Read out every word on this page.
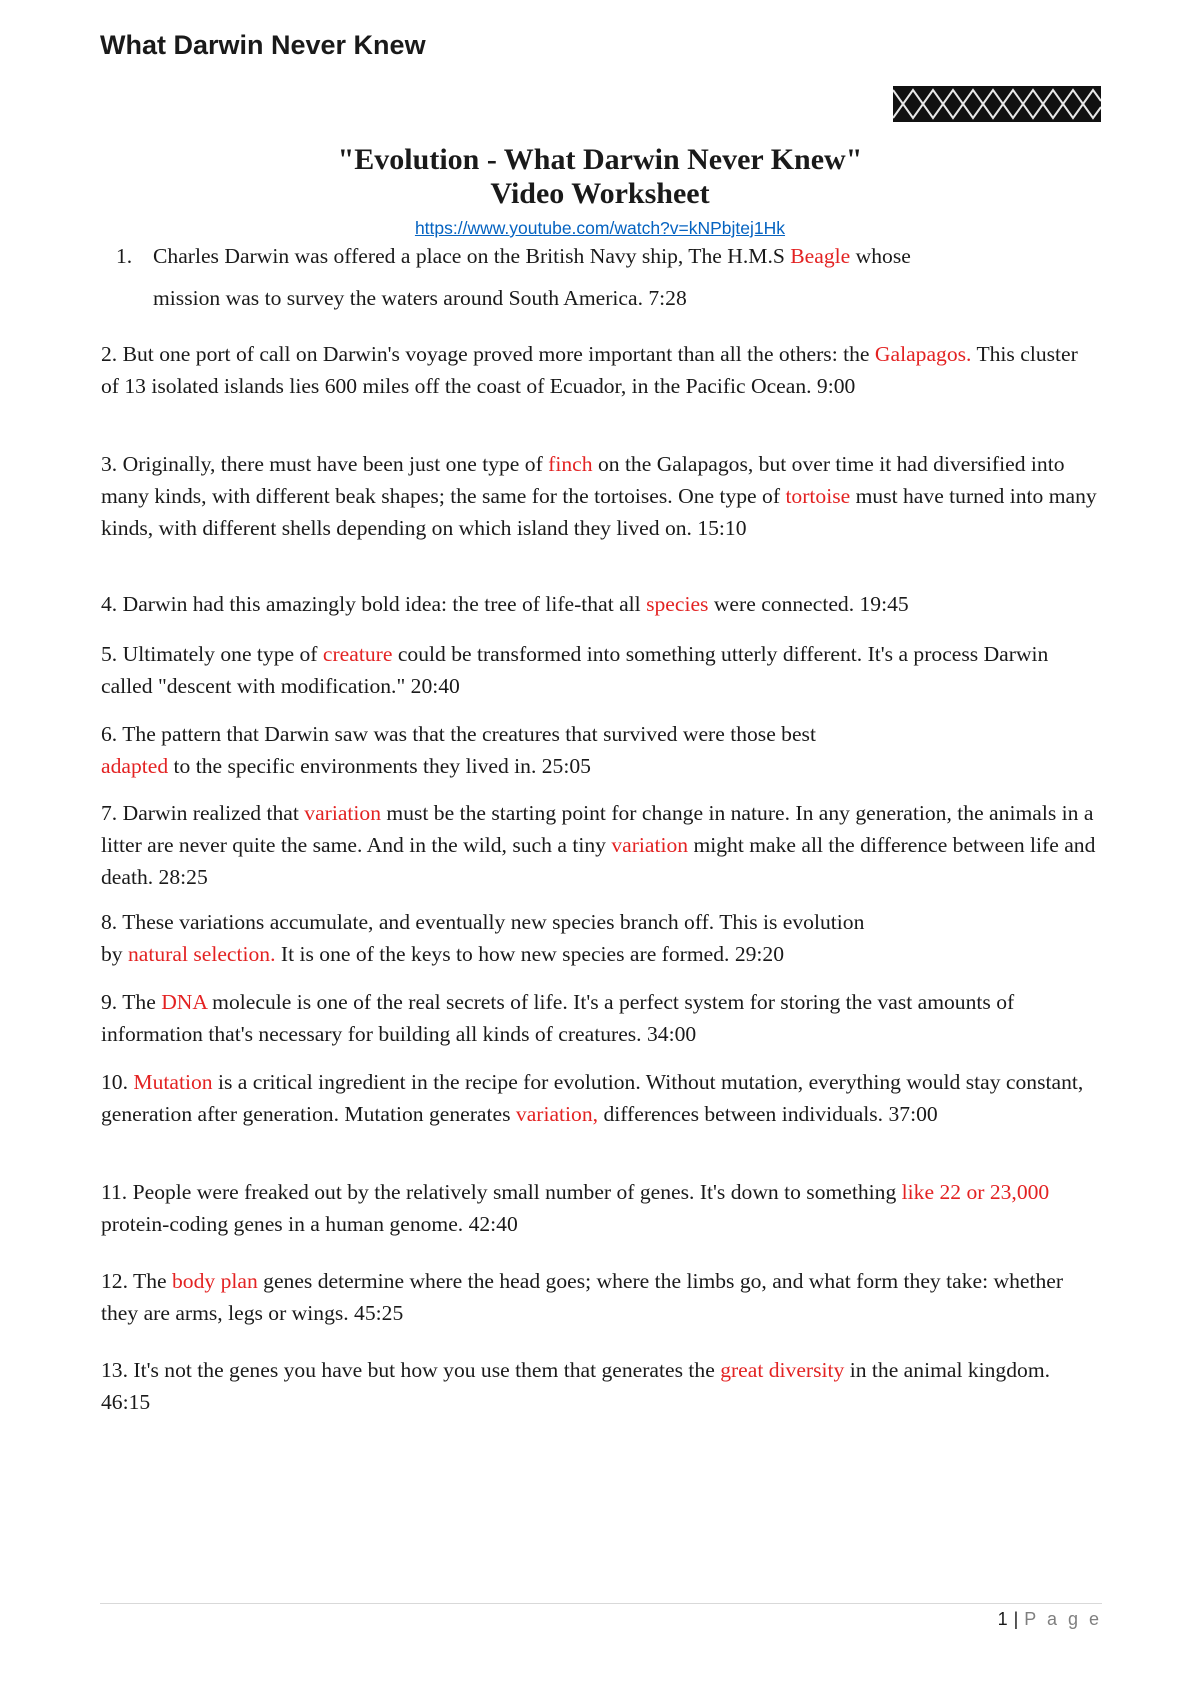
What Darwin Never Knew
"Evolution - What Darwin Never Knew"
Video Worksheet
https://www.youtube.com/watch?v=kNPbjtej1Hk
1. Charles Darwin was offered a place on the British Navy ship, The H.M.S Beagle whose
mission was to survey the waters around South America. 7:28
2. But one port of call on Darwin's voyage proved more important than all the others: the Galapagos. This cluster of 13 isolated islands lies 600 miles off the coast of Ecuador, in the Pacific Ocean. 9:00
3. Originally, there must have been just one type of finch on the Galapagos, but over time it had diversified into many kinds, with different beak shapes; the same for the tortoises. One type of tortoise must have turned into many kinds, with different shells depending on which island they lived on. 15:10
4. Darwin had this amazingly bold idea: the tree of life-that all species were connected. 19:45
5. Ultimately one type of creature could be transformed into something utterly different. It's a process Darwin called "descent with modification." 20:40
6. The pattern that Darwin saw was that the creatures that survived were those best
adapted to the specific environments they lived in. 25:05
7. Darwin realized that variation must be the starting point for change in nature. In any generation, the animals in a litter are never quite the same. And in the wild, such a tiny variation might make all the difference between life and death. 28:25
8. These variations accumulate, and eventually new species branch off. This is evolution
by natural selection. It is one of the keys to how new species are formed. 29:20
9. The DNA molecule is one of the real secrets of life. It's a perfect system for storing the vast amounts of information that's necessary for building all kinds of creatures. 34:00
10. Mutation is a critical ingredient in the recipe for evolution. Without mutation, everything would stay constant, generation after generation. Mutation generates variation, differences between individuals. 37:00
11. People were freaked out by the relatively small number of genes. It's down to something like 22 or 23,000 protein-coding genes in a human genome. 42:40
12. The body plan genes determine where the head goes; where the limbs go, and what form they take: whether they are arms, legs or wings. 45:25
13. It's not the genes you have but how you use them that generates the great diversity in the animal kingdom. 46:15
1 | P a g e
